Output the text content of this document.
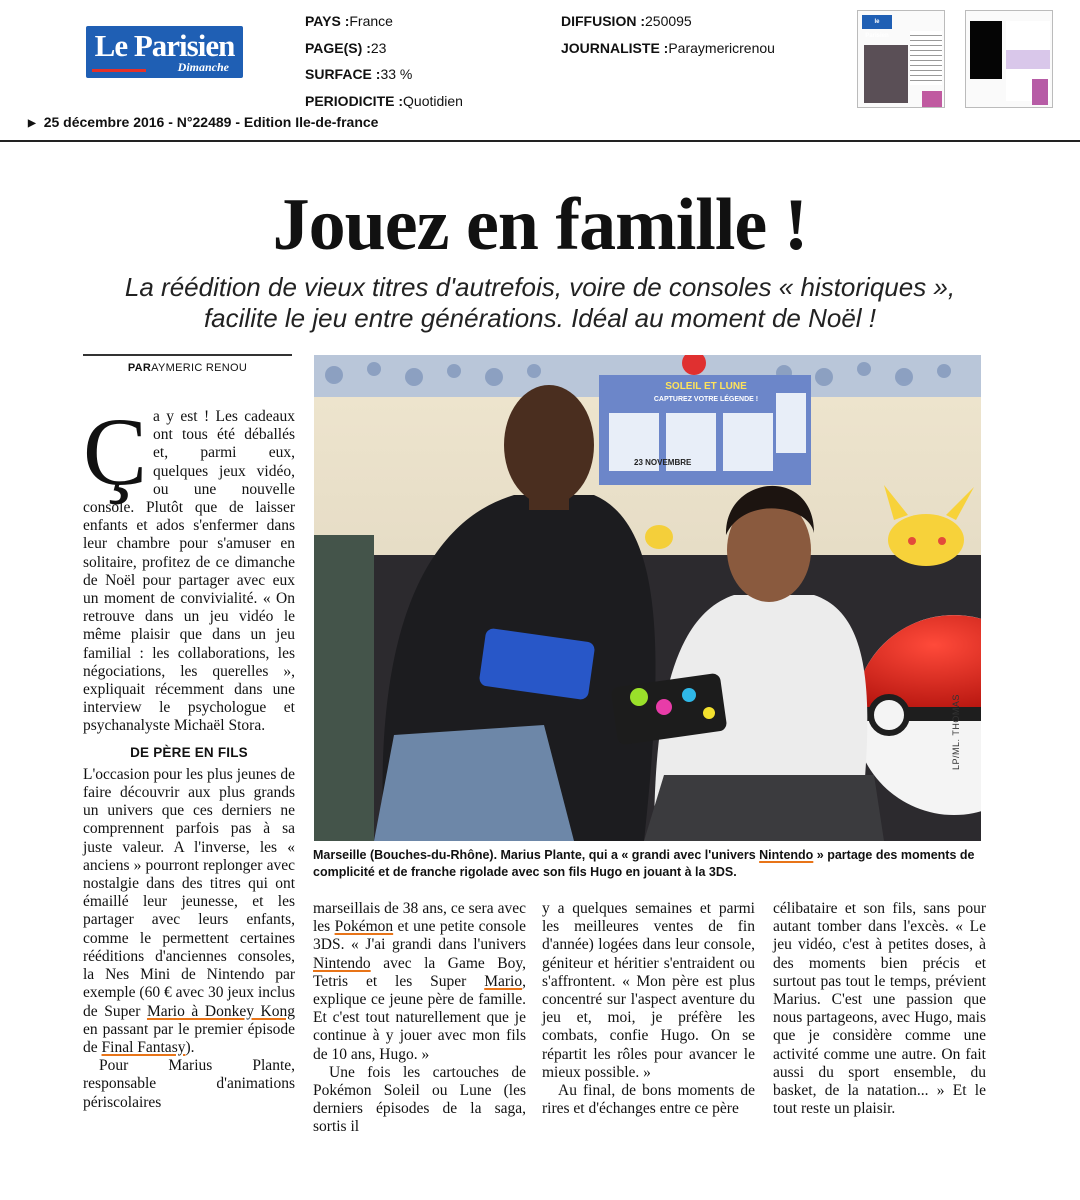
Le Parisien
Dimanche
PAYS :France
PAGE(S) :23
SURFACE :33 %
PERIODICITE :Quotidien
DIFFUSION :250095
JOURNALISTE :Paraymericrenou
▶ 25 décembre 2016 - N°22489 - Edition Ile-de-france
le Parisien
Jouez en famille !
La réédition de vieux titres d'autrefois, voire de consoles « historiques »,
facilite le jeu entre générations. Idéal au moment de Noël !
PARAYMERIC RENOU

Ça y est ! Les cadeaux ont tous été déballés et, parmi eux, quelques jeux vidéo, ou une nouvelle console. Plutôt que de laisser enfants et ados s'enfermer dans leur chambre pour s'amuser en solitaire, profitez de ce dimanche de Noël pour partager avec eux un moment de convivialité. « On retrouve dans un jeu vidéo le même plaisir que dans un jeu familial : les collaborations, les négociations, les querelles », expliquait récemment dans une interview le psychologue et psychanalyste Michaël Stora.

DE PÈRE EN FILS

L'occasion pour les plus jeunes de faire découvrir aux plus grands un univers que ces derniers ne comprennent parfois pas à sa juste valeur. A l'inverse, les « anciens » pourront replonger avec nostalgie dans des titres qui ont émaillé leur jeunesse, et les partager avec leurs enfants, comme le permettent certaines rééditions d'anciennes consoles, la Nes Mini de Nintendo par exemple (60 € avec 30 jeux inclus de Super Mario à Donkey Kong en passant par le premier épisode de Final Fantasy).

Pour Marius Plante, responsable d'animations périscolaires

SOLEIL ET LUNE
CAPTUREZ VOTRE LÉGENDE !
23 NOVEMBRE
LP/ML. THOMAS
Marseille (Bouches-du-Rhône). Marius Plante, qui a « grandi avec l'univers Nintendo » partage des moments de complicité et de franche rigolade avec son fils Hugo en jouant à la 3DS.

marseillais de 38 ans, ce sera avec les Pokémon et une petite console 3DS. « J'ai grandi dans l'univers Nintendo avec la Game Boy, Tetris et les Super Mario, explique ce jeune père de famille. Et c'est tout naturellement que je continue à y jouer avec mon fils de 10 ans, Hugo. »

Une fois les cartouches de Pokémon Soleil ou Lune (les derniers épisodes de la saga, sortis il

y a quelques semaines et parmi les meilleures ventes de fin d'année) logées dans leur console, géniteur et héritier s'entraident ou s'affrontent. « Mon père est plus concentré sur l'aspect aventure du jeu et, moi, je préfère les combats, confie Hugo. On se répartit les rôles pour avancer le mieux possible. »

Au final, de bons moments de rires et d'échanges entre ce père

célibataire et son fils, sans pour autant tomber dans l'excès. « Le jeu vidéo, c'est à petites doses, à des moments bien précis et surtout pas tout le temps, prévient Marius. C'est une passion que nous partageons, avec Hugo, mais que je considère comme une activité comme une autre. On fait aussi du sport ensemble, du basket, de la natation... » Et le tout reste un plaisir.
